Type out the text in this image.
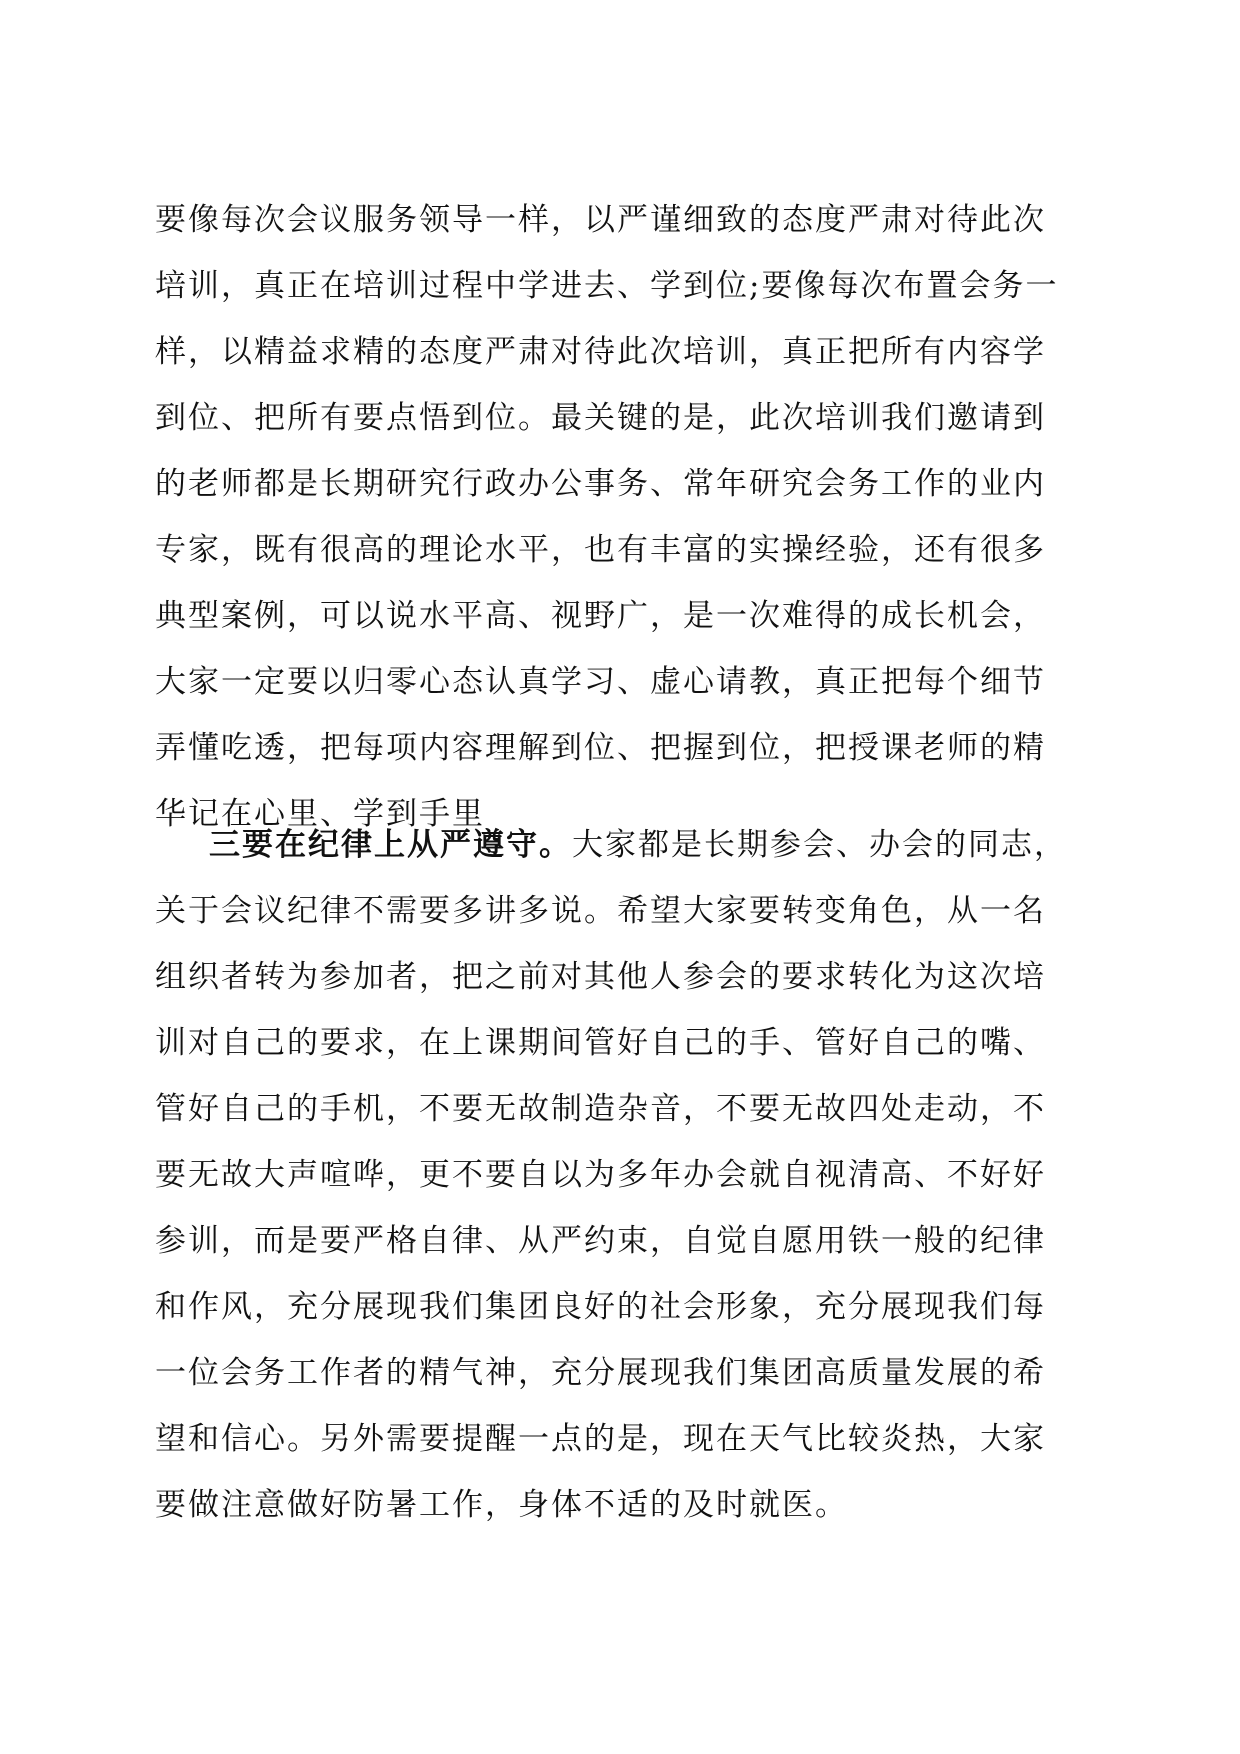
要像每次会议服务领导一样，以严谨细致的态度严肃对待此次
培训，真正在培训过程中学进去、学到位;要像每次布置会务一
样，以精益求精的态度严肃对待此次培训，真正把所有内容学
到位、把所有要点悟到位。最关键的是，此次培训我们邀请到
的老师都是长期研究行政办公事务、常年研究会务工作的业内
专家，既有很高的理论水平，也有丰富的实操经验，还有很多
典型案例，可以说水平高、视野广，是一次难得的成长机会，
大家一定要以归零心态认真学习、虚心请教，真正把每个细节
弄懂吃透，把每项内容理解到位、把握到位，把授课老师的精
华记在心里、学到手里
三要在纪律上从严遵守。大家都是长期参会、办会的同志，
关于会议纪律不需要多讲多说。希望大家要转变角色，从一名
组织者转为参加者，把之前对其他人参会的要求转化为这次培
训对自己的要求，在上课期间管好自己的手、管好自己的嘴、
管好自己的手机，不要无故制造杂音，不要无故四处走动，不
要无故大声喧哗，更不要自以为多年办会就自视清高、不好好
参训，而是要严格自律、从严约束，自觉自愿用铁一般的纪律
和作风，充分展现我们集团良好的社会形象，充分展现我们每
一位会务工作者的精气神，充分展现我们集团高质量发展的希
望和信心。另外需要提醒一点的是，现在天气比较炎热，大家
要做注意做好防暑工作，身体不适的及时就医。
